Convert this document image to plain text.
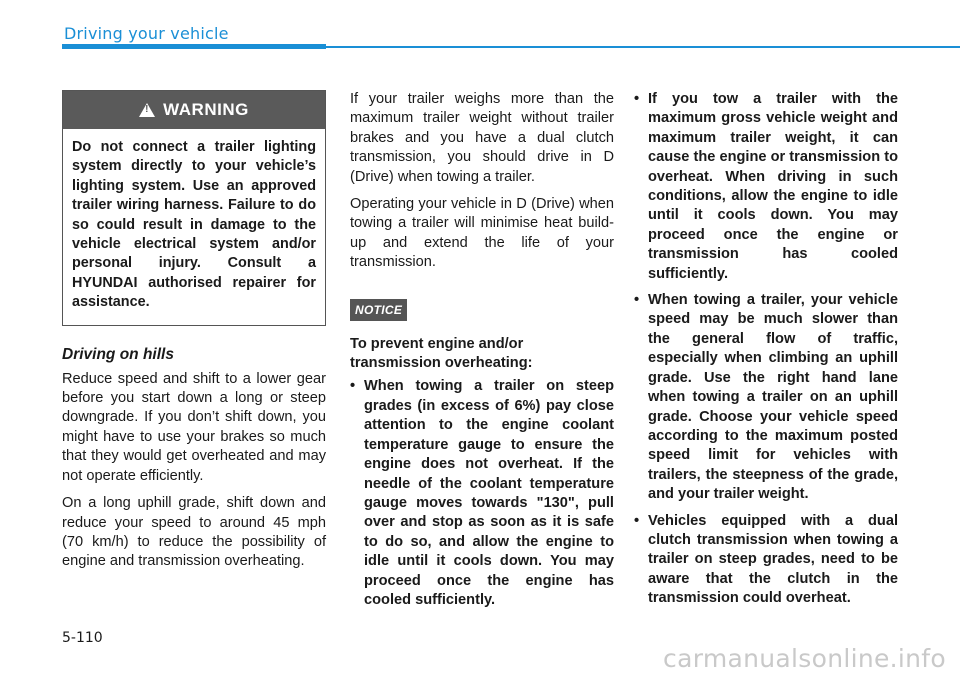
Driving your vehicle
!
WARNING
Do not connect a trailer lighting system directly to your vehicle’s lighting system. Use an approved trailer wiring harness. Failure to do so could result in damage to the vehicle electrical system and/or personal injury. Consult a HYUNDAI authorised repairer for assistance.
Driving on hills

Reduce speed and shift to a lower gear before you start down a long or steep downgrade. If you don’t shift down, you might have to use your brakes so much that they would get overheated and may not operate efficiently.

On a long uphill grade, shift down and reduce your speed to around 45 mph (70 km/h) to reduce the possibility of engine and transmission overheating.

If your trailer weighs more than the maximum trailer weight without trailer brakes and you have a dual clutch transmission, you should drive in D (Drive) when towing a trailer.

Operating your vehicle in D (Drive) when towing a trailer will minimise heat build-up and extend the life of your transmission.

NOTICE
To prevent engine and/or transmission overheating:
• When towing a trailer on steep grades (in excess of 6%) pay close attention to the engine coolant temperature gauge to ensure the engine does not overheat. If the needle of the coolant temperature gauge moves towards "130", pull over and stop as soon as it is safe to do so, and allow the engine to idle until it cools down. You may proceed once the engine has cooled sufficiently.
• If you tow a trailer with the maximum gross vehicle weight and maximum trailer weight, it can cause the engine or transmission to overheat. When driving in such conditions, allow the engine to idle until it cools down. You may proceed once the engine or transmission has cooled sufficiently.
• When towing a trailer, your vehicle speed may be much slower than the general flow of traffic, especially when climbing an uphill grade. Use the right hand lane when towing a trailer on an uphill grade. Choose your vehicle speed according to the maximum posted speed limit for vehicles with trailers, the steepness of the grade, and your trailer weight.
• Vehicles equipped with a dual clutch transmission when towing a trailer on steep grades, need to be aware that the clutch in the transmission could overheat.
5-110
carmanualsonline.info
